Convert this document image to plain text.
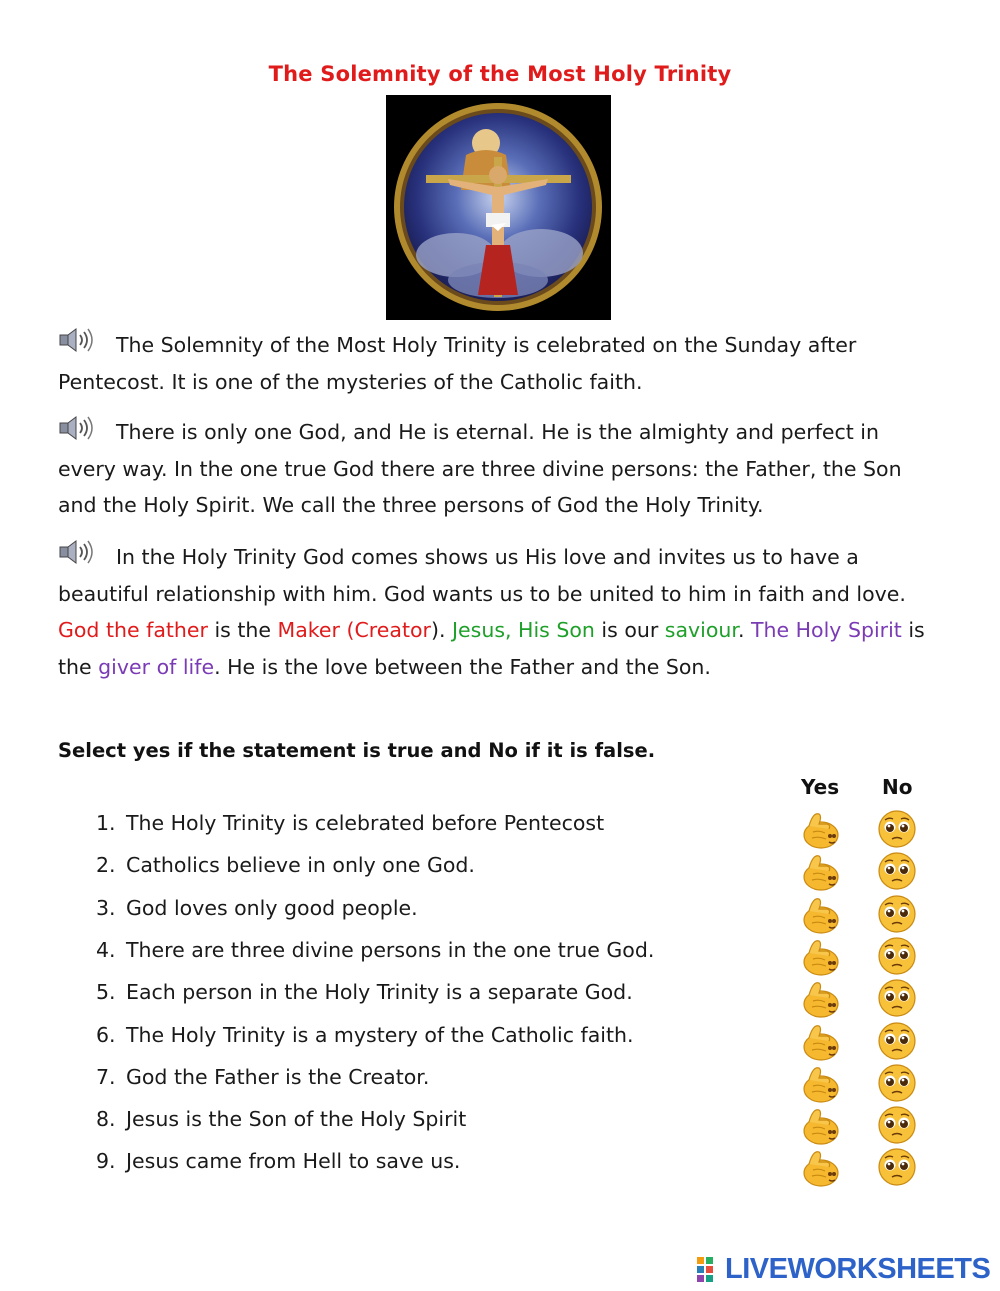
The Solemnity of the Most Holy Trinity
The Solemnity of the Most Holy Trinity is celebrated on the Sunday after Pentecost. It is one of the mysteries of the Catholic faith.
There is only one God, and He is eternal. He is the almighty and perfect in every way. In the one true God there are three divine persons: the Father, the Son and the Holy Spirit. We call the three persons of God the Holy Trinity.
In the Holy Trinity God comes shows us His love and invites us to have a beautiful relationship with him. God wants us to be united to him in faith and love. God the father is the Maker (Creator). Jesus, His Son is our saviour. The Holy Spirit is the giver of life. He is the love between the Father and the Son.
Select yes if the statement is true and No if it is false.
Yes No
1. The Holy Trinity is celebrated before Pentecost
2. Catholics believe in only one God.
3. God loves only good people.
4. There are three divine persons in the one true God.
5. Each person in the Holy Trinity is a separate God.
6. The Holy Trinity is a mystery of the Catholic faith.
7. God the Father is the Creator.
8. Jesus is the Son of the Holy Spirit
9. Jesus came from Hell to save us.
LIVEWORKSHEETS
